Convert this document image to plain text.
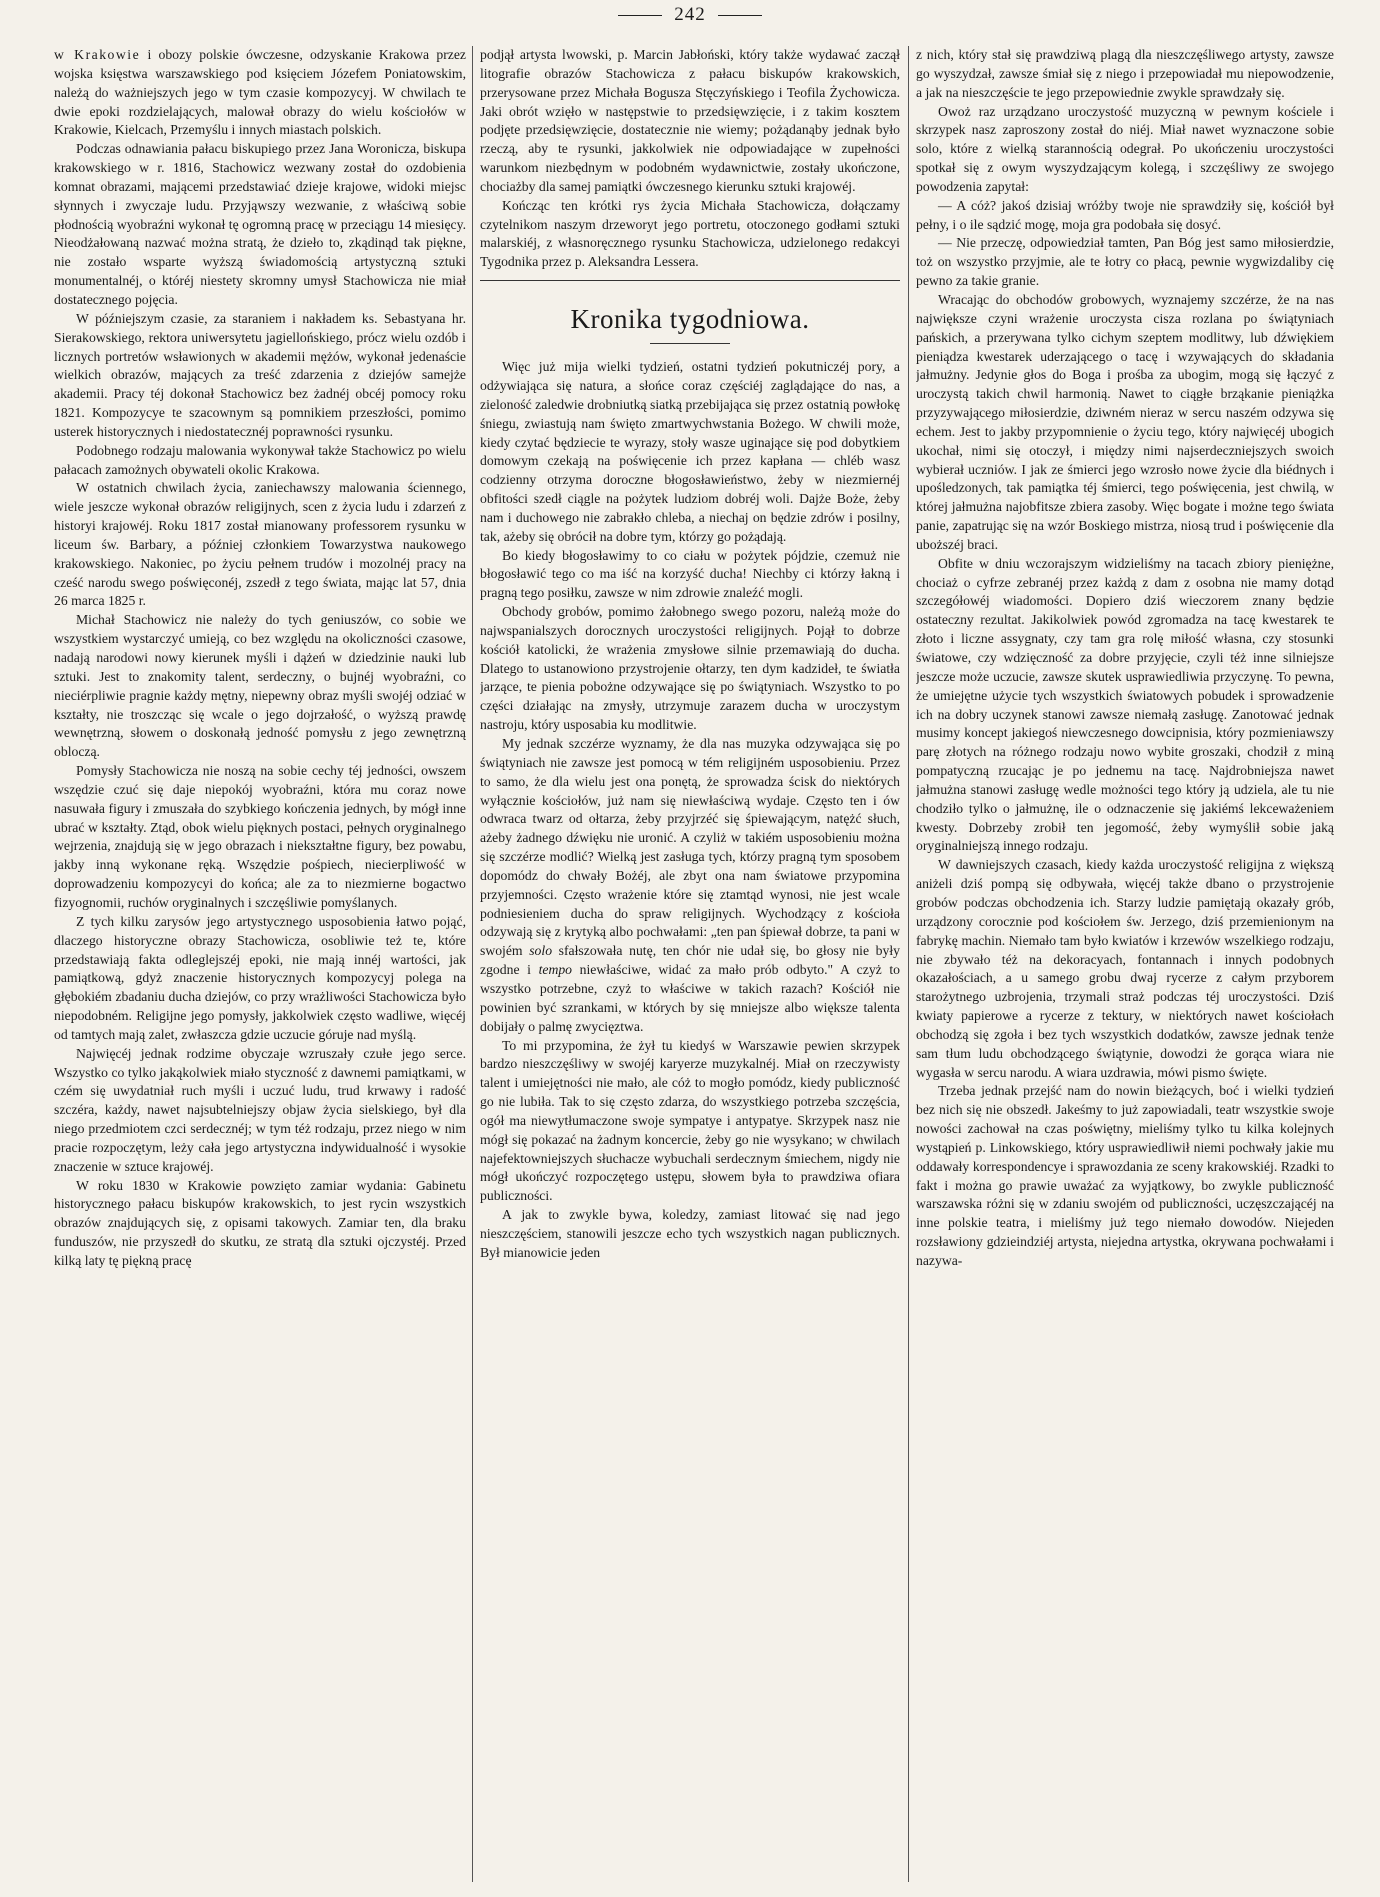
242

w Krakowie i obozy polskie ówczesne, odzyskanie Krakowa przez wojska księstwa warszawskiego pod księciem Józefem Poniatowskim, należą do ważniejszych jego w tym czasie kompozycyj. W chwilach te dwie epoki rozdzielających, malował obrazy do wielu kościołów w Krakowie, Kielcach, Przemyślu i innych miastach polskich.

Podczas odnawiania pałacu biskupiego przez Jana Woronicza, biskupa krakowskiego w r. 1816, Stachowicz wezwany został do ozdobienia komnat obrazami, mającemi przedstawiać dzieje krajowe, widoki miejsc słynnych i zwyczaje ludu. Przyjąwszy wezwanie, z właściwą sobie płodnością wyobraźni wykonał tę ogromną pracę w przeciągu 14 miesięcy. Nieodżałowaną nazwać można stratą, że dzieło to, zkądinąd tak piękne, nie zostało wsparte wyższą świadomością artystyczną sztuki monumentalnéj, o któréj niestety skromny umysł Stachowicza nie miał dostatecznego pojęcia.

W późniejszym czasie, za staraniem i nakładem ks. Sebastyana hr. Sierakowskiego, rektora uniwersytetu jagiellońskiego, prócz wielu ozdób i licznych portretów wsławionych w akademii mężów, wykonał jedenaście wielkich obrazów, mających za treść zdarzenia z dziejów samejże akademii. Pracy téj dokonał Stachowicz bez żadnéj obcéj pomocy roku 1821. Kompozycye te szacownym są pomnikiem przeszłości, pomimo usterek historycznych i niedostatecznéj poprawności rysunku.

Podobnego rodzaju malowania wykonywał także Stachowicz po wielu pałacach zamożnych obywateli okolic Krakowa.

W ostatnich chwilach życia, zaniechawszy malowania ściennego, wiele jeszcze wykonał obrazów religijnych, scen z życia ludu i zdarzeń z historyi krajowéj. Roku 1817 został mianowany professorem rysunku w liceum św. Barbary, a później członkiem Towarzystwa naukowego krakowskiego. Nakoniec, po życiu pełnem trudów i mozolnéj pracy na cześć narodu swego poświęconéj, zszedł z tego świata, mając lat 57, dnia 26 marca 1825 r.

Michał Stachowicz nie należy do tych geniuszów, co sobie we wszystkiem wystarczyć umieją, co bez względu na okoliczności czasowe, nadają narodowi nowy kierunek myśli i dążeń w dziedzinie nauki lub sztuki. Jest to znakomity talent, serdeczny, o bujnéj wyobraźni, co nieciérpliwie pragnie każdy mętny, niepewny obraz myśli swojéj odziać w kształty, nie troszcząc się wcale o jego dojrzałość, o wyższą prawdę wewnętrzną, słowem o doskonałą jedność pomysłu z jego zewnętrzną obloczą.

Pomysły Stachowicza nie noszą na sobie cechy téj jedności, owszem wszędzie czuć się daje niepokój wyobraźni, która mu coraz nowe nasuwała figury i zmuszała do szybkiego kończenia jednych, by mógł inne ubrać w kształty. Ztąd, obok wielu pięknych postaci, pełnych oryginalnego wejrzenia, znajdują się w jego obrazach i niekształtne figury, bez powabu, jakby inną wykonane ręką. Wszędzie pośpiech, niecierpliwość w doprowadzeniu kompozycyi do końca; ale za to niezmierne bogactwo fizyognomii, ruchów oryginalnych i szczęśliwie pomyślanych.

Z tych kilku zarysów jego artystycznego usposobienia łatwo pojąć, dlaczego historyczne obrazy Stachowicza, osobliwie też te, które przedstawiają fakta odleglejszéj epoki, nie mają innéj wartości, jak pamiątkową, gdyż znaczenie historycznych kompozycyj polega na głębokiém zbadaniu ducha dziejów, co przy wrażliwości Stachowicza było niepodobném. Religijne jego pomysły, jakkolwiek często wadliwe, więcéj od tamtych mają zalet, zwłaszcza gdzie uczucie góruje nad myślą.

Najwięcéj jednak rodzime obyczaje wzruszały czułe jego serce. Wszystko co tylko jakąkolwiek miało styczność z dawnemi pamiątkami, w czém się uwydatniał ruch myśli i uczuć ludu, trud krwawy i radość szczéra, każdy, nawet najsubtelniejszy objaw życia sielskiego, był dla niego przedmiotem czci serdecznéj; w tym téż rodzaju, przez niego w nim pracie rozpoczętym, leży cała jego artystyczna indywidualność i wysokie znaczenie w sztuce krajowéj.

W roku 1830 w Krakowie powzięto zamiar wydania: Gabinetu historycznego pałacu biskupów krakowskich, to jest rycin wszystkich obrazów znajdujących się, z opisami takowych. Zamiar ten, dla braku funduszów, nie przyszedł do skutku, ze stratą dla sztuki ojczystéj. Przed kilką laty tę piękną pracę

podjął artysta lwowski, p. Marcin Jabłoński, który także wydawać zaczął litografie obrazów Stachowicza z pałacu biskupów krakowskich, przerysowane przez Michała Bogusza Stęczyńskiego i Teofila Żychowicza. Jaki obrót wzięło w następstwie to przedsięwzięcie, i z takim kosztem podjęte przedsięwzięcie, dostatecznie nie wiemy; pożądanąby jednak było rzeczą, aby te rysunki, jakkolwiek nie odpowiadające w zupełności warunkom niezbędnym w podobném wydawnictwie, zostały ukończone, chociażby dla samej pamiątki ówczesnego kierunku sztuki krajowéj.

Kończąc ten krótki rys życia Michała Stachowicza, dołączamy czytelnikom naszym drzeworyt jego portretu, otoczonego godłami sztuki malarskiéj, z własnoręcznego rysunku Stachowicza, udzielonego redakcyi Tygodnika przez p. Aleksandra Lessera.

Kronika tygodniowa.

Więc już mija wielki tydzień, ostatni tydzień pokutniczéj pory, a odżywiająca się natura, a słońce coraz częściéj zaglądające do nas, a zieloność zaledwie drobniutką siatką przebijająca się przez ostatnią powłokę śniegu, zwiastują nam święto zmartwychwstania Bożego. W chwili może, kiedy czytać będziecie te wyrazy, stoły wasze uginające się pod dobytkiem domowym czekają na poświęcenie ich przez kapłana — chléb wasz codzienny otrzyma doroczne błogosławieństwo, żeby w niezmiernéj obfitości szedł ciągle na pożytek ludziom dobréj woli. Dajże Boże, żeby nam i duchowego nie zabrakło chleba, a niechaj on będzie zdrów i posilny, tak, ażeby się obrócił na dobre tym, którzy go pożądają.

Bo kiedy błogosławimy to co ciału w pożytek pójdzie, czemuż nie błogosławić tego co ma iść na korzyść ducha! Niechby ci którzy łakną i pragną tego posiłku, zawsze w nim zdrowie znaleźć mogli.

Obchody grobów, pomimo żałobnego swego pozoru, należą może do najwspanialszych dorocznych uroczystości religijnych. Pojął to dobrze kościół katolicki, że wrażenia zmysłowe silnie przemawiają do ducha. Dlatego to ustanowiono przystrojenie ołtarzy, ten dym kadzideł, te światła jarzące, te pienia pobożne odzywające się po świątyniach. Wszystko to po części działając na zmysły, utrzymuje zarazem ducha w uroczystym nastroju, który usposabia ku modlitwie.

My jednak szczérze wyznamy, że dla nas muzyka odzywająca się po świątyniach nie zawsze jest pomocą w tém religijném usposobieniu. Przez to samo, że dla wielu jest ona ponętą, że sprowadza ścisk do niektórych wyłącznie kościołów, już nam się niewłaściwą wydaje. Często ten i ów odwraca twarz od ołtarza, żeby przyjrzéć się śpiewającym, natężć słuch, ażeby żadnego dźwięku nie uronić. A czyliż w takiém usposobieniu można się szczérze modlić? Wielką jest zasługa tych, którzy pragną tym sposobem dopomódz do chwały Bożéj, ale zbyt ona nam światowe przypomina przyjemności. Często wrażenie które się ztamtąd wynosi, nie jest wcale podniesieniem ducha do spraw religijnych. Wychodzący z kościoła odzywają się z krytyką albo pochwałami: „ten pan śpiewał dobrze, ta pani w swojém solo sfałszowała nutę, ten chór nie udał się, bo głosy nie były zgodne i tempo niewłaściwe, widać za mało prób odbyto." A czyż to wszystko potrzebne, czyż to właściwe w takich razach? Kościół nie powinien być szrankami, w których by się mniejsze albo większe talenta dobijały o palmę zwycięztwa.

To mi przypomina, że żył tu kiedyś w Warszawie pewien skrzypek bardzo nieszczęśliwy w swojéj karyerze muzykalnéj. Miał on rzeczywisty talent i umiejętności nie mało, ale cóż to mogło pomódz, kiedy publiczność go nie lubiła. Tak to się często zdarza, do wszystkiego potrzeba szczęścia, ogół ma niewytłumaczone swoje sympatye i antypatye. Skrzypek nasz nie mógł się pokazać na żadnym koncercie, żeby go nie wysykano; w chwilach najefektowniejszych słuchacze wybuchali serdecznym śmiechem, nigdy nie mógł ukończyć rozpoczętego ustępu, słowem była to prawdziwa ofiara publiczności.

A jak to zwykle bywa, koledzy, zamiast litować się nad jego nieszczęściem, stanowili jeszcze echo tych wszystkich nagan publicznych. Był mianowicie jeden

z nich, który stał się prawdziwą plagą dla nieszczęśliwego artysty, zawsze go wyszydzał, zawsze śmiał się z niego i przepowiadał mu niepowodzenie, a jak na nieszczęście te jego przepowiednie zwykle sprawdzały się.

Owoż raz urządzano uroczystość muzyczną w pewnym kościele i skrzypek nasz zaproszony został do niéj. Miał nawet wyznaczone sobie solo, które z wielką starannością odegrał. Po ukończeniu uroczystości spotkał się z owym wyszydzającym kolegą, i szczęśliwy ze swojego powodzenia zapytał:

— A cóż? jakoś dzisiaj wróżby twoje nie sprawdziły się, kościół był pełny, i o ile sądzić mogę, moja gra podobała się dosyć.

— Nie przeczę, odpowiedział tamten, Pan Bóg jest samo miłosierdzie, toż on wszystko przyjmie, ale te łotry co płacą, pewnie wygwizdaliby cię pewno za takie granie.

Wracając do obchodów grobowych, wyznajemy szczérze, że na nas największe czyni wrażenie uroczysta cisza rozlana po świątyniach pańskich, a przerywana tylko cichym szeptem modlitwy, lub dźwiękiem pieniądza kwestarek uderzającego o tacę i wzywających do składania jałmużny. Jedynie głos do Boga i prośba za ubogim, mogą się łączyć z uroczystą takich chwil harmonią. Nawet to ciągłe brząkanie pieniążka przyzywającego miłosierdzie, dziwném nieraz w sercu naszém odzywa się echem. Jest to jakby przypomnienie o życiu tego, który najwięcéj ubogich ukochał, nimi się otoczył, i między nimi najserdeczniejszych swoich wybierał uczniów. I jak ze śmierci jego wzrosło nowe życie dla biédnych i upośledzonych, tak pamiątka téj śmierci, tego poświęcenia, jest chwilą, w której jałmużna najobfitsze zbiera zasoby. Więc bogate i możne tego świata panie, zapatrując się na wzór Boskiego mistrza, niosą trud i poświęcenie dla uboższéj braci.

Obfite w dniu wczorajszym widzieliśmy na tacach zbiory pieniężne, chociaż o cyfrze zebranéj przez każdą z dam z osobna nie mamy dotąd szczegółowéj wiadomości. Dopiero dziś wieczorem znany będzie ostateczny rezultat. Jakikolwiek powód zgromadza na tacę kwestarek te złoto i liczne assygnaty, czy tam gra rolę miłość własna, czy stosunki światowe, czy wdzięczność za dobre przyjęcie, czyli téż inne silniejsze jeszcze może uczucie, zawsze skutek usprawiedliwia przyczynę. To pewna, że umiejętne użycie tych wszystkich światowych pobudek i sprowadzenie ich na dobry uczynek stanowi zawsze niemałą zasługę. Zanotować jednak musimy koncept jakiegoś niewczesnego dowcipnisia, który pozmieniawszy parę złotych na różnego rodzaju nowo wybite groszaki, chodził z miną pompatyczną rzucając je po jednemu na tacę. Najdrobniejsza nawet jałmużna stanowi zasługę wedle możności tego który ją udziela, ale tu nie chodziło tylko o jałmużnę, ile o odznaczenie się jakiémś lekceważeniem kwesty. Dobrzeby zrobił ten jegomość, żeby wymyślił sobie jaką oryginalniejszą innego rodzaju.

W dawniejszych czasach, kiedy każda uroczystość religijna z większą aniżeli dziś pompą się odbywała, więcéj także dbano o przystrojenie grobów podczas obchodzenia ich. Starzy ludzie pamiętają okazały grób, urządzony corocznie pod kościołem św. Jerzego, dziś przemienionym na fabrykę machin. Niemało tam było kwiatów i krzewów wszelkiego rodzaju, nie zbywało téż na dekoracyach, fontannach i innych podobnych okazałościach, a u samego grobu dwaj rycerze z całym przyborem starożytnego uzbrojenia, trzymali straż podczas téj uroczystości. Dziś kwiaty papierowe a rycerze z tektury, w niektórych nawet kościołach obchodzą się zgoła i bez tych wszystkich dodatków, zawsze jednak tenże sam tłum ludu obchodzącego świątynie, dowodzi że gorąca wiara nie wygasła w sercu narodu. A wiara uzdrawia, mówi pismo święte.

Trzeba jednak przejść nam do nowin bieżących, boć i wielki tydzień bez nich się nie obszedł. Jakeśmy to już zapowiadali, teatr wszystkie swoje nowości zachował na czas poświętny, mieliśmy tylko tu kilka kolejnych wystąpień p. Linkowskiego, który usprawiedliwił niemi pochwały jakie mu oddawały korrespondencye i sprawozdania ze sceny krakowskiéj. Rzadki to fakt i można go prawie uważać za wyjątkowy, bo zwykle publiczność warszawska różni się w zdaniu swojém od publiczności, uczęszczającéj na inne polskie teatra, i mieliśmy już tego niemało dowodów. Niejeden rozsławiony gdzieindziéj artysta, niejedna artystka, okrywana pochwałami i nazywa-
